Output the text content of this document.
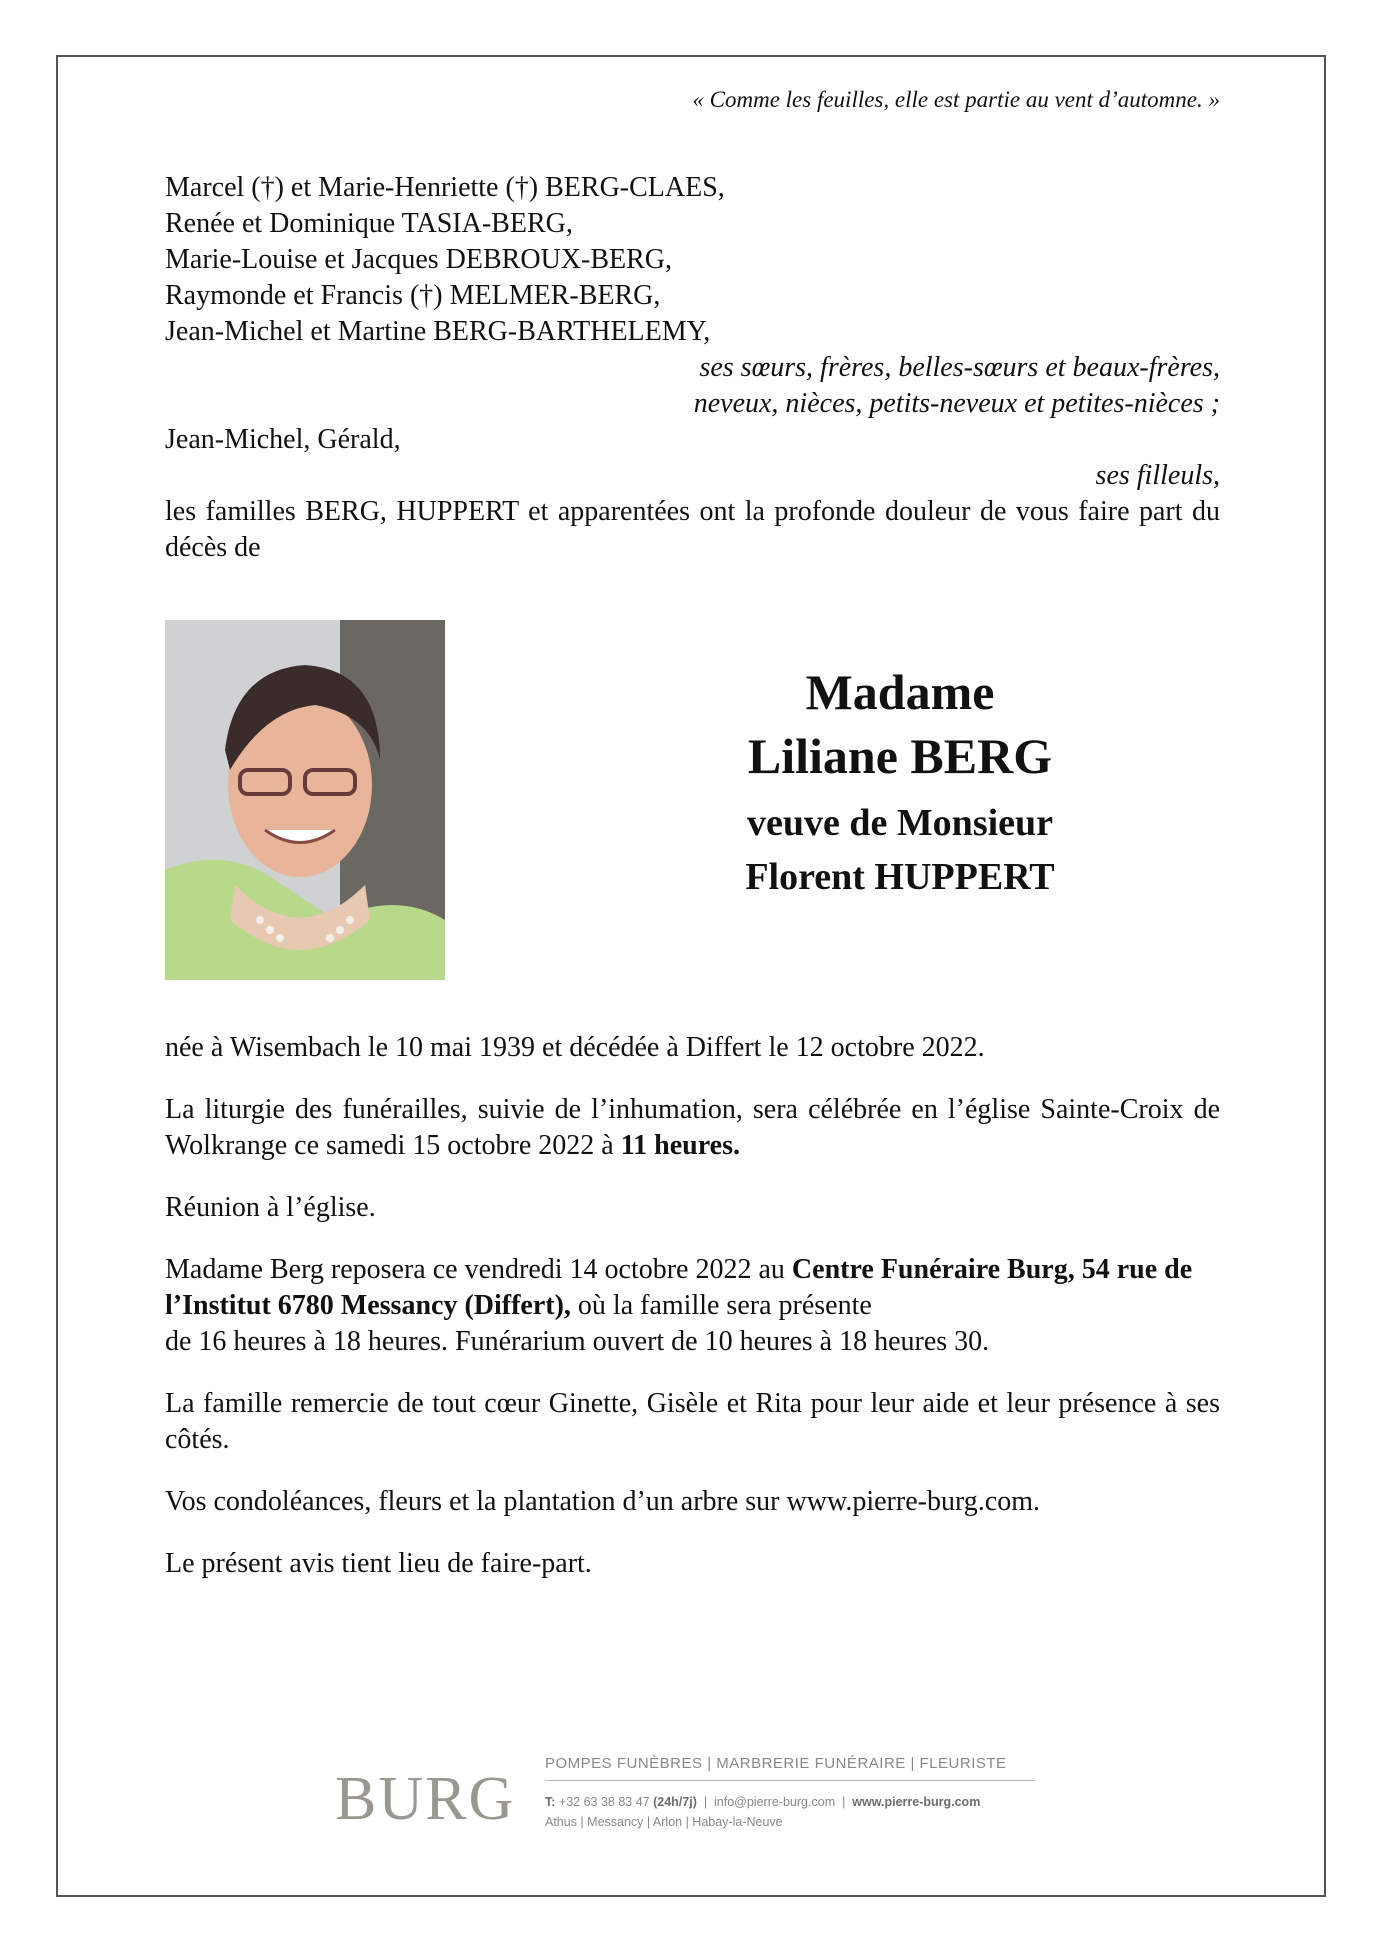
« Comme les feuilles, elle est partie au vent d’automne. »
Marcel (†) et Marie-Henriette (†) BERG-CLAES,
Renée et Dominique TASIA-BERG,
Marie-Louise et Jacques DEBROUX-BERG,
Raymonde et Francis (†) MELMER-BERG,
Jean-Michel et Martine BERG-BARTHELEMY,
ses sœurs, frères, belles-sœurs et beaux-frères,
neveux, nièces, petits-neveux et petites-nièces ;
Jean-Michel, Gérald,
ses filleuls,
les familles BERG, HUPPERT et apparentées ont la profonde douleur de vous faire part du décès de
Madame
Liliane BERG
veuve de Monsieur
Florent HUPPERT

née à Wisembach le 10 mai 1939 et décédée à Differt le 12 octobre 2022.

La liturgie des funérailles, suivie de l’inhumation, sera célébrée en l’église Sainte-Croix de Wolkrange ce samedi 15 octobre 2022 à 11 heures.

Réunion à l’église.

Madame Berg reposera ce vendredi 14 octobre 2022 au Centre Funéraire Burg, 54 rue de l’Institut 6780 Messancy (Differt), où la famille sera présente
de 16 heures à 18 heures. Funérarium ouvert de 10 heures à 18 heures 30.

La famille remercie de tout cœur Ginette, Gisèle et Rita pour leur aide et leur présence à ses côtés.

Vos condoléances, fleurs et la plantation d’un arbre sur www.pierre-burg.com.

Le présent avis tient lieu de faire-part.

BURG
POMPES FUNÈBRES | MARBRERIE FUNÉRAIRE | FLEURISTE
T: +32 63 38 83 47 (24h/7j)  |  info@pierre-burg.com  |  www.pierre-burg.com
Athus | Messancy | Arlon | Habay-la-Neuve
